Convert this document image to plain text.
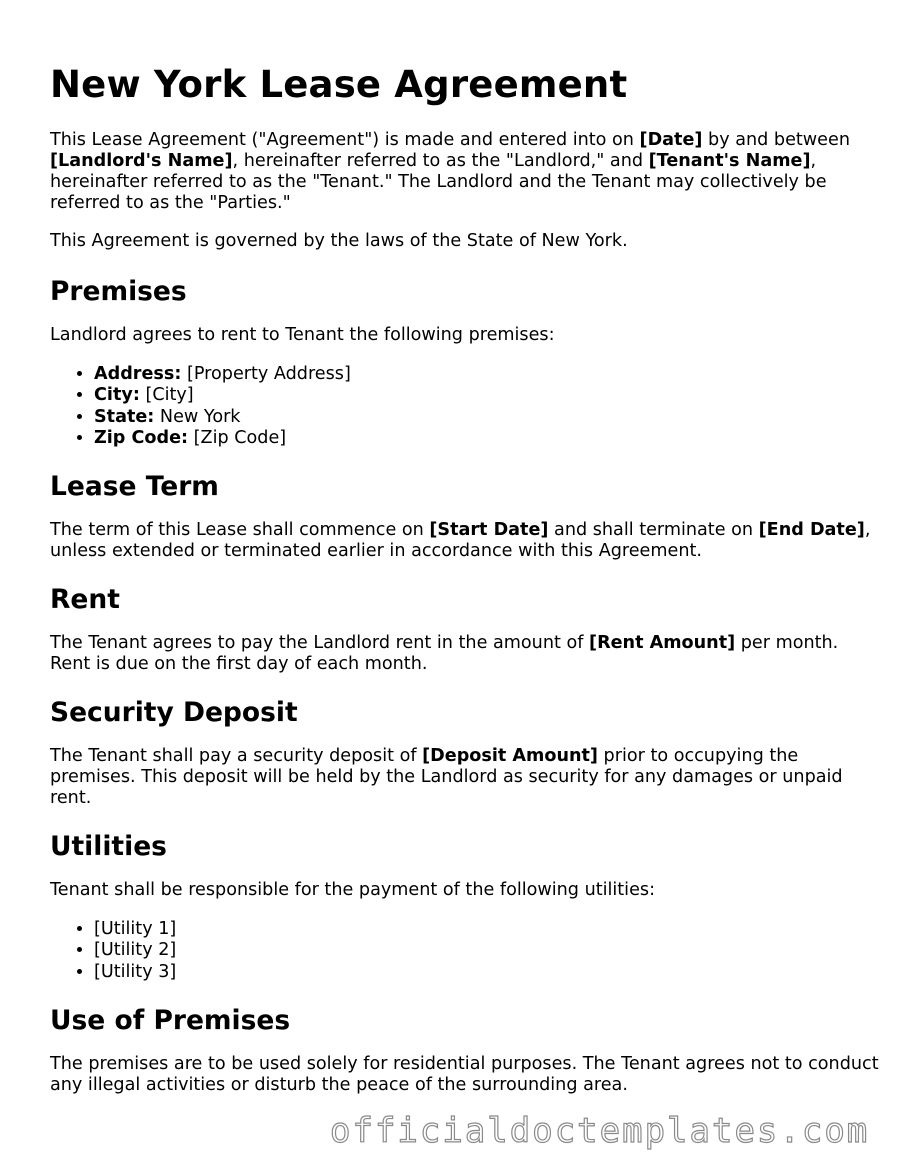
New York Lease Agreement

This Lease Agreement ("Agreement") is made and entered into on [Date] by and between [Landlord's Name], hereinafter referred to as the "Landlord," and [Tenant's Name], hereinafter referred to as the "Tenant." The Landlord and the Tenant may collectively be referred to as the "Parties."

This Agreement is governed by the laws of the State of New York.

Premises

Landlord agrees to rent to Tenant the following premises:

• Address: [Property Address]
• City: [City]
• State: New York
• Zip Code: [Zip Code]
Lease Term

The term of this Lease shall commence on [Start Date] and shall terminate on [End Date], unless extended or terminated earlier in accordance with this Agreement.

Rent

The Tenant agrees to pay the Landlord rent in the amount of [Rent Amount] per month. Rent is due on the first day of each month.

Security Deposit

The Tenant shall pay a security deposit of [Deposit Amount] prior to occupying the premises. This deposit will be held by the Landlord as security for any damages or unpaid rent.

Utilities

Tenant shall be responsible for the payment of the following utilities:

• [Utility 1]
• [Utility 2]
• [Utility 3]
Use of Premises

The premises are to be used solely for residential purposes. The Tenant agrees not to conduct any illegal activities or disturb the peace of the surrounding area.

officialdoctemplates.com
